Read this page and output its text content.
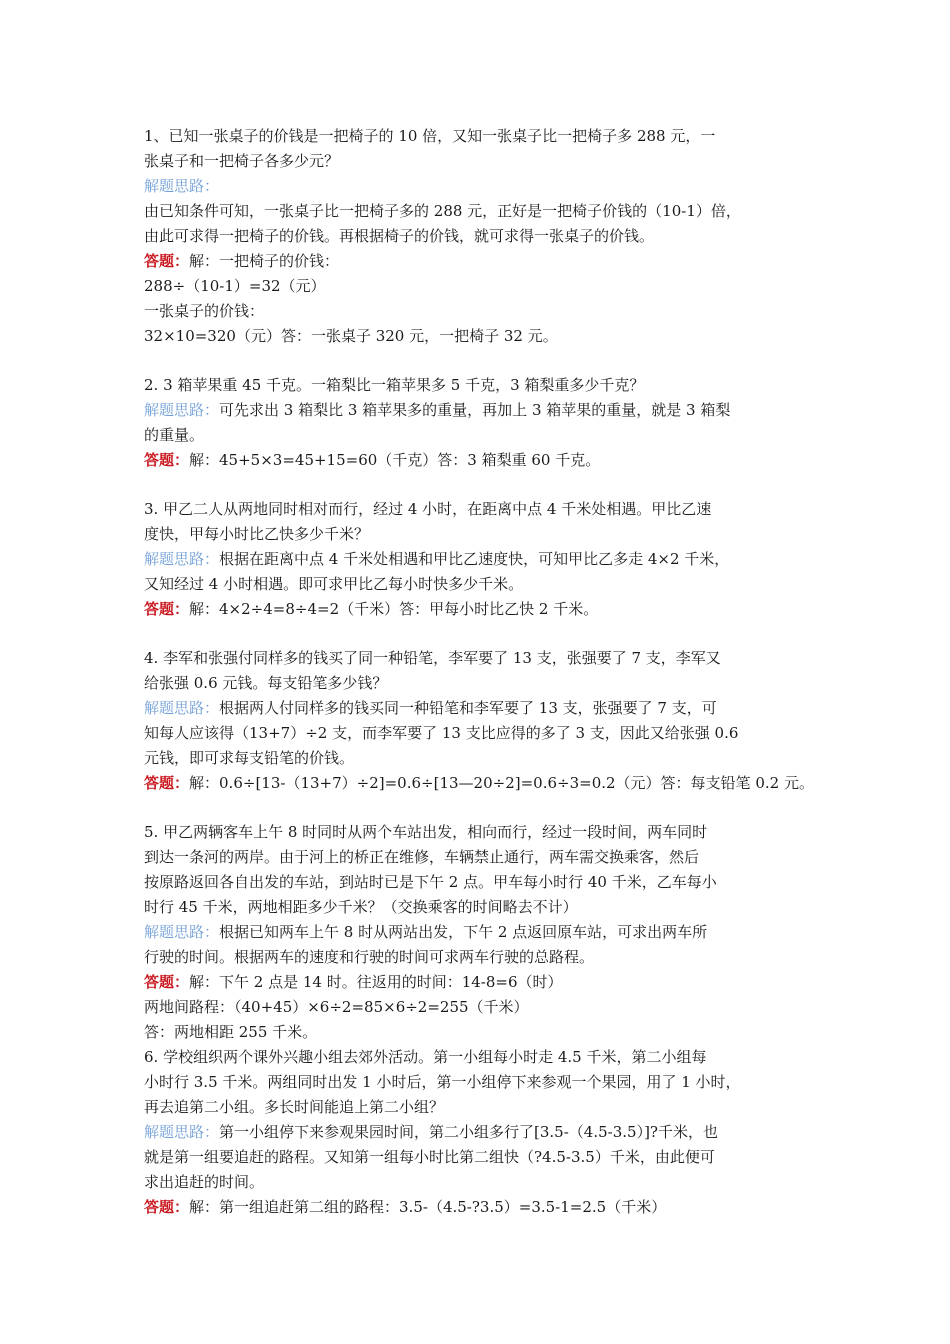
1、已知一张桌子的价钱是一把椅子的 10 倍，又知一张桌子比一把椅子多 288 元，一
张桌子和一把椅子各多少元？
解题思路：
由已知条件可知，一张桌子比一把椅子多的 288 元，正好是一把椅子价钱的（10-1）倍，
由此可求得一把椅子的价钱。再根据椅子的价钱，就可求得一张桌子的价钱。
答题：解：一把椅子的价钱：
288÷（10-1）=32（元）
一张桌子的价钱：
32×10=320（元）答：一张桌子 320 元，一把椅子 32 元。
2. 3 箱苹果重 45 千克。一箱梨比一箱苹果多 5 千克，3 箱梨重多少千克？
解题思路：可先求出 3 箱梨比 3 箱苹果多的重量，再加上 3 箱苹果的重量，就是 3 箱梨
的重量。
答题：解：45+5×3=45+15=60（千克）答：3 箱梨重 60 千克。
3. 甲乙二人从两地同时相对而行，经过 4 小时，在距离中点 4 千米处相遇。甲比乙速
度快，甲每小时比乙快多少千米？
解题思路：根据在距离中点 4 千米处相遇和甲比乙速度快，可知甲比乙多走 4×2 千米，
又知经过 4 小时相遇。即可求甲比乙每小时快多少千米。
答题：解：4×2÷4=8÷4=2（千米）答：甲每小时比乙快 2 千米。
4. 李军和张强付同样多的钱买了同一种铅笔，李军要了 13 支，张强要了 7 支，李军又
给张强 0.6 元钱。每支铅笔多少钱？
解题思路：根据两人付同样多的钱买同一种铅笔和李军要了 13 支，张强要了 7 支，可
知每人应该得（13+7）÷2 支，而李军要了 13 支比应得的多了 3 支，因此又给张强 0.6
元钱，即可求每支铅笔的价钱。
答题：解：0.6÷[13-（13+7）÷2]=0.6÷[13—20÷2]=0.6÷3=0.2（元）答：每支铅笔 0.2 元。
5. 甲乙两辆客车上午 8 时同时从两个车站出发，相向而行，经过一段时间，两车同时
到达一条河的两岸。由于河上的桥正在维修，车辆禁止通行，两车需交换乘客，然后
按原路返回各自出发的车站，到站时已是下午 2 点。甲车每小时行 40 千米，乙车每小
时行 45 千米，两地相距多少千米？（交换乘客的时间略去不计）
解题思路：根据已知两车上午 8 时从两站出发，下午 2 点返回原车站，可求出两车所
行驶的时间。根据两车的速度和行驶的时间可求两车行驶的总路程。
答题：解：下午 2 点是 14 时。往返用的时间：14-8=6（时）
两地间路程：（40+45）×6÷2=85×6÷2=255（千米）
答：两地相距 255 千米。
6. 学校组织两个课外兴趣小组去郊外活动。第一小组每小时走 4.5 千米，第二小组每
小时行 3.5 千米。两组同时出发 1 小时后，第一小组停下来参观一个果园，用了 1 小时，
再去追第二小组。多长时间能追上第二小组？
解题思路：第一小组停下来参观果园时间，第二小组多行了[3.5-（4.5-3.5）]?千米，也
就是第一组要追赶的路程。又知第一组每小时比第二组快（?4.5-3.5）千米，由此便可
求出追赶的时间。
答题：解：第一组追赶第二组的路程：3.5-（4.5-?3.5）=3.5-1=2.5（千米）
